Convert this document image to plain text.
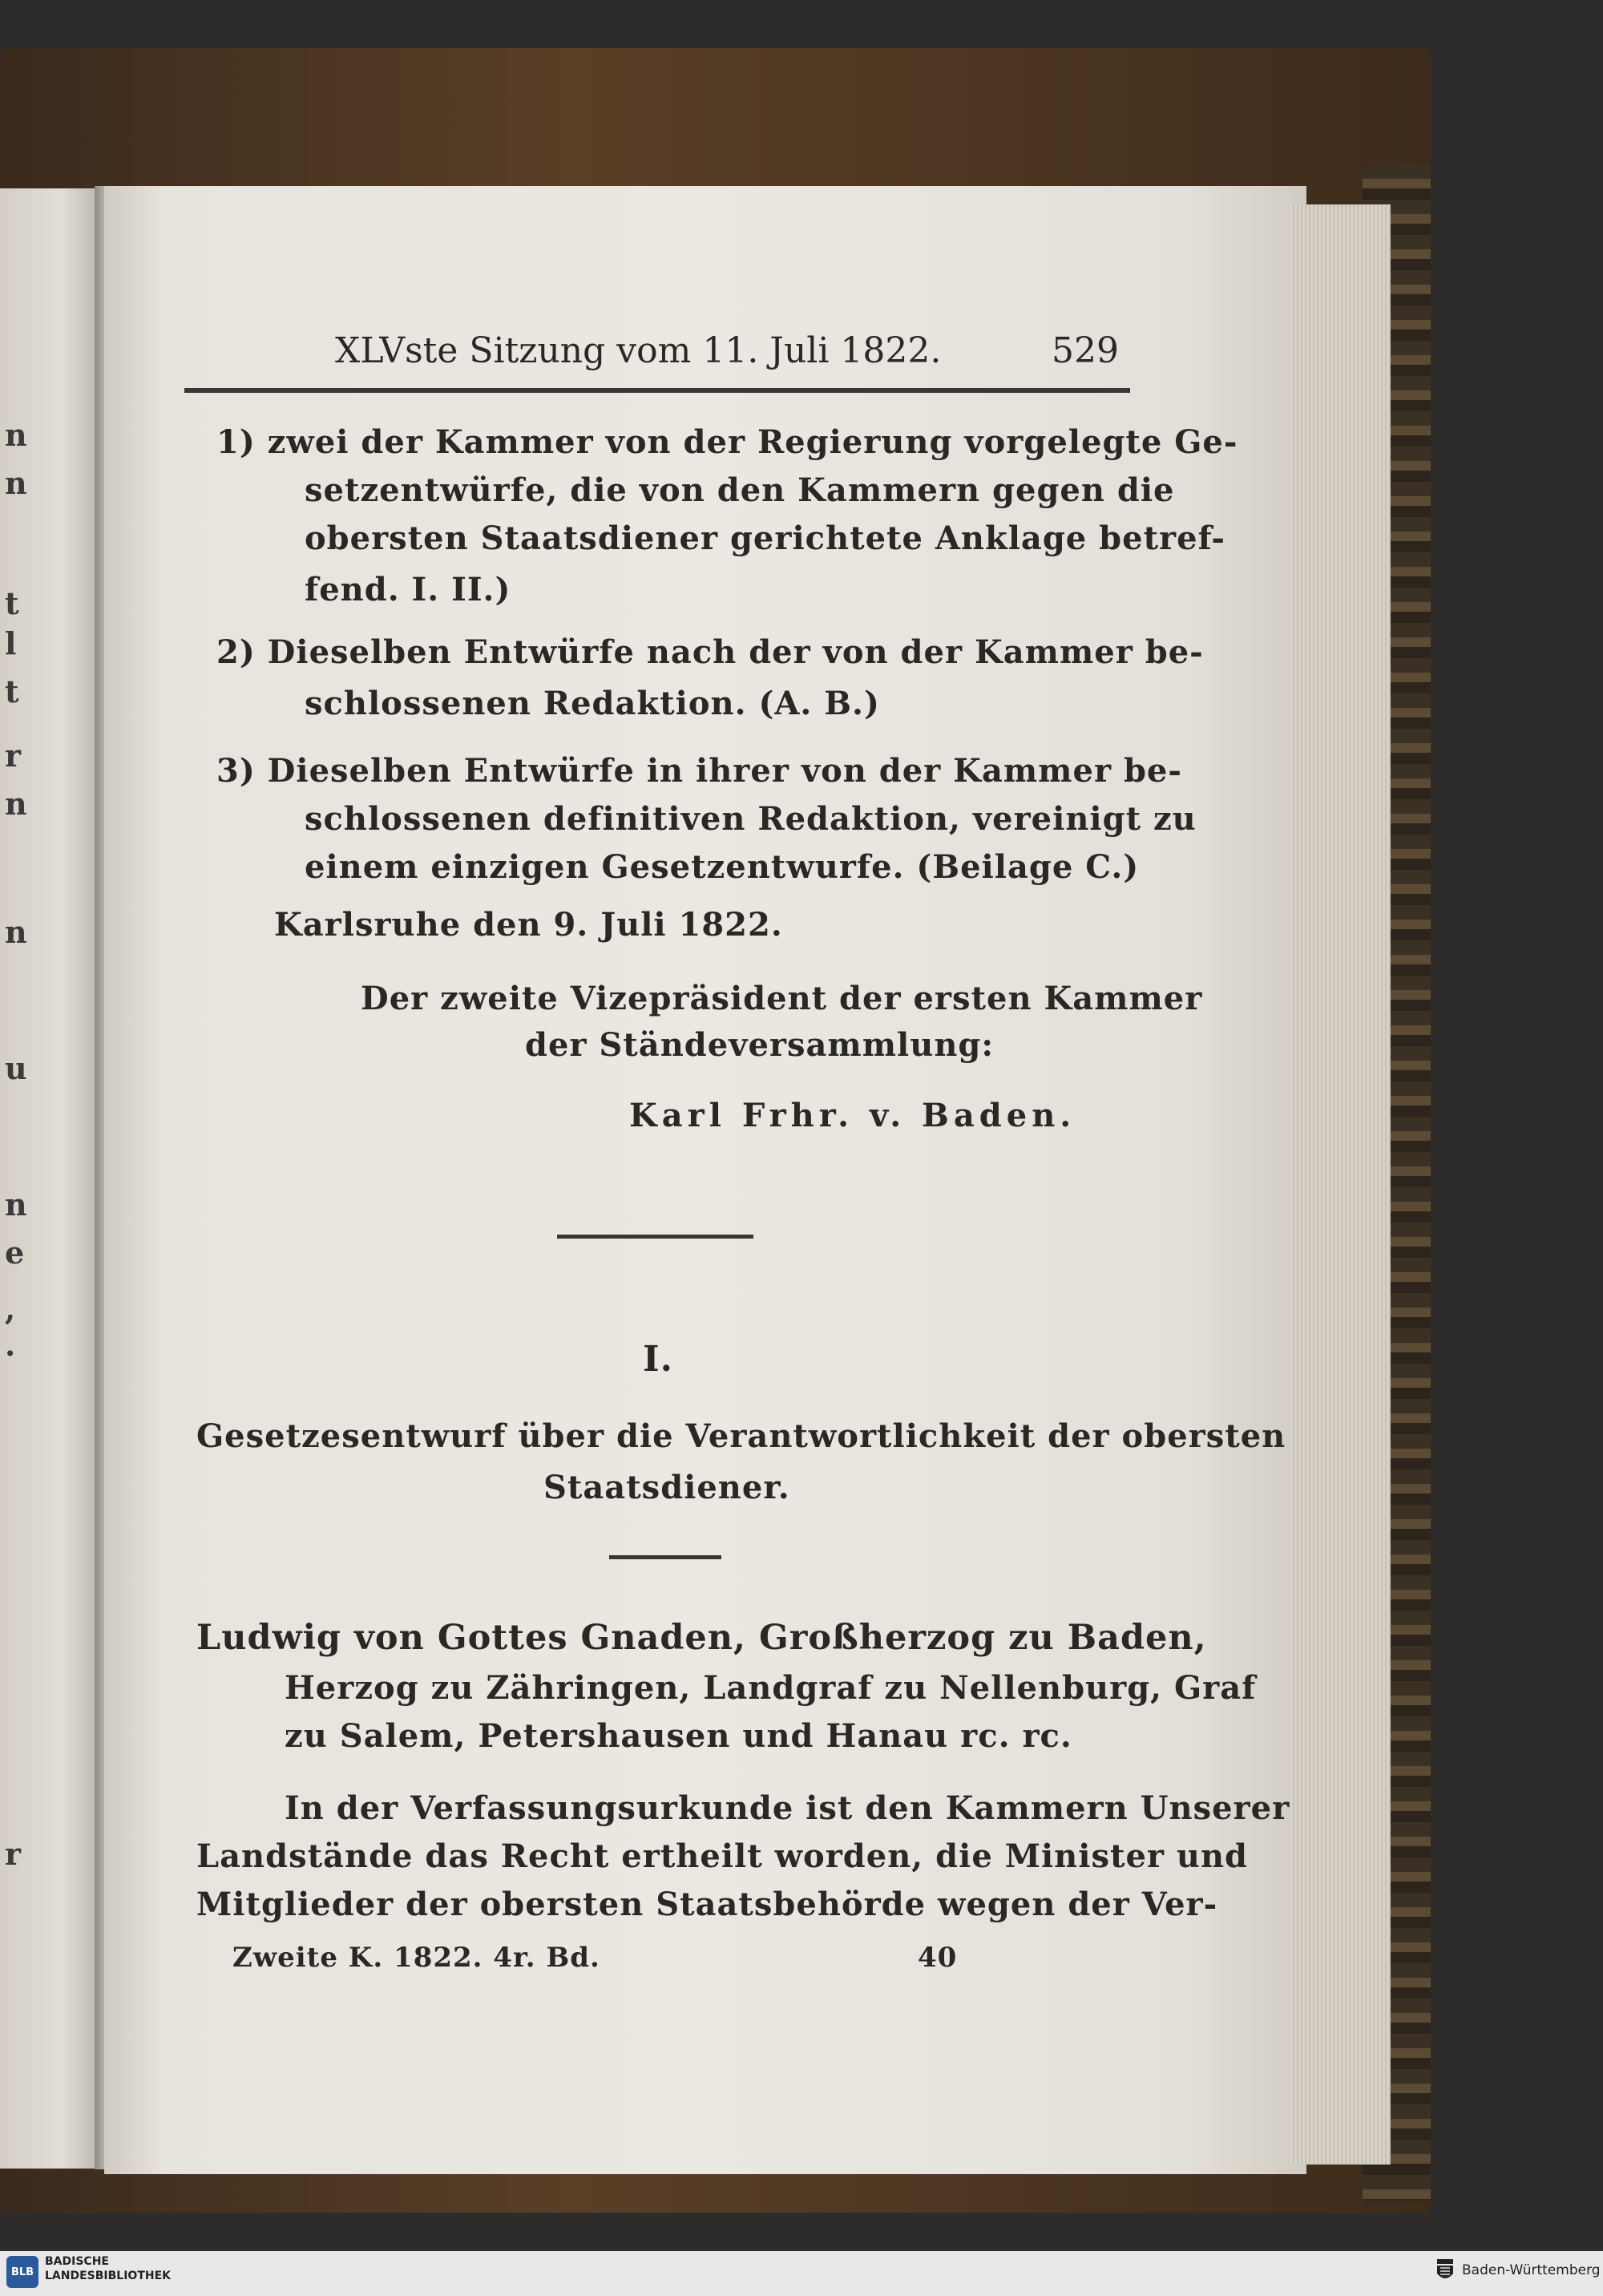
n
n
t
l
t
r
n
n
u
n
e
,
.
r
XLVste Sitzung vom 11. Juli 1822.	529
1) zwei der Kammer von der Regierung vorgelegte Ge-
setzentwürfe, die von den Kammern gegen die
obersten Staatsdiener gerichtete Anklage betref-
fend. I. II.)
2) Dieselben Entwürfe nach der von der Kammer be-
schlossenen Redaktion. (A. B.)
3) Dieselben Entwürfe in ihrer von der Kammer be-
schlossenen definitiven Redaktion, vereinigt zu
einem einzigen Gesetzentwurfe. (Beilage C.)
Karlsruhe den 9. Juli 1822.
Der zweite Vizepräsident der ersten Kammer
der Ständeversammlung:
Karl Frhr. v. Baden.
I.
Gesetzesentwurf über die Verantwortlichkeit der obersten
Staatsdiener.
Ludwig von Gottes Gnaden, Großherzog zu Baden,
Herzog zu Zähringen, Landgraf zu Nellenburg, Graf
zu Salem, Petershausen und Hanau rc. rc.
In der Verfassungsurkunde ist den Kammern Unserer
Landstände das Recht ertheilt worden, die Minister und
Mitglieder der obersten Staatsbehörde wegen der Ver-
Zweite K. 1822. 4r. Bd.	40
BLB
BADISCHE
LANDESBIBLIOTHEK	Baden-Württemberg
